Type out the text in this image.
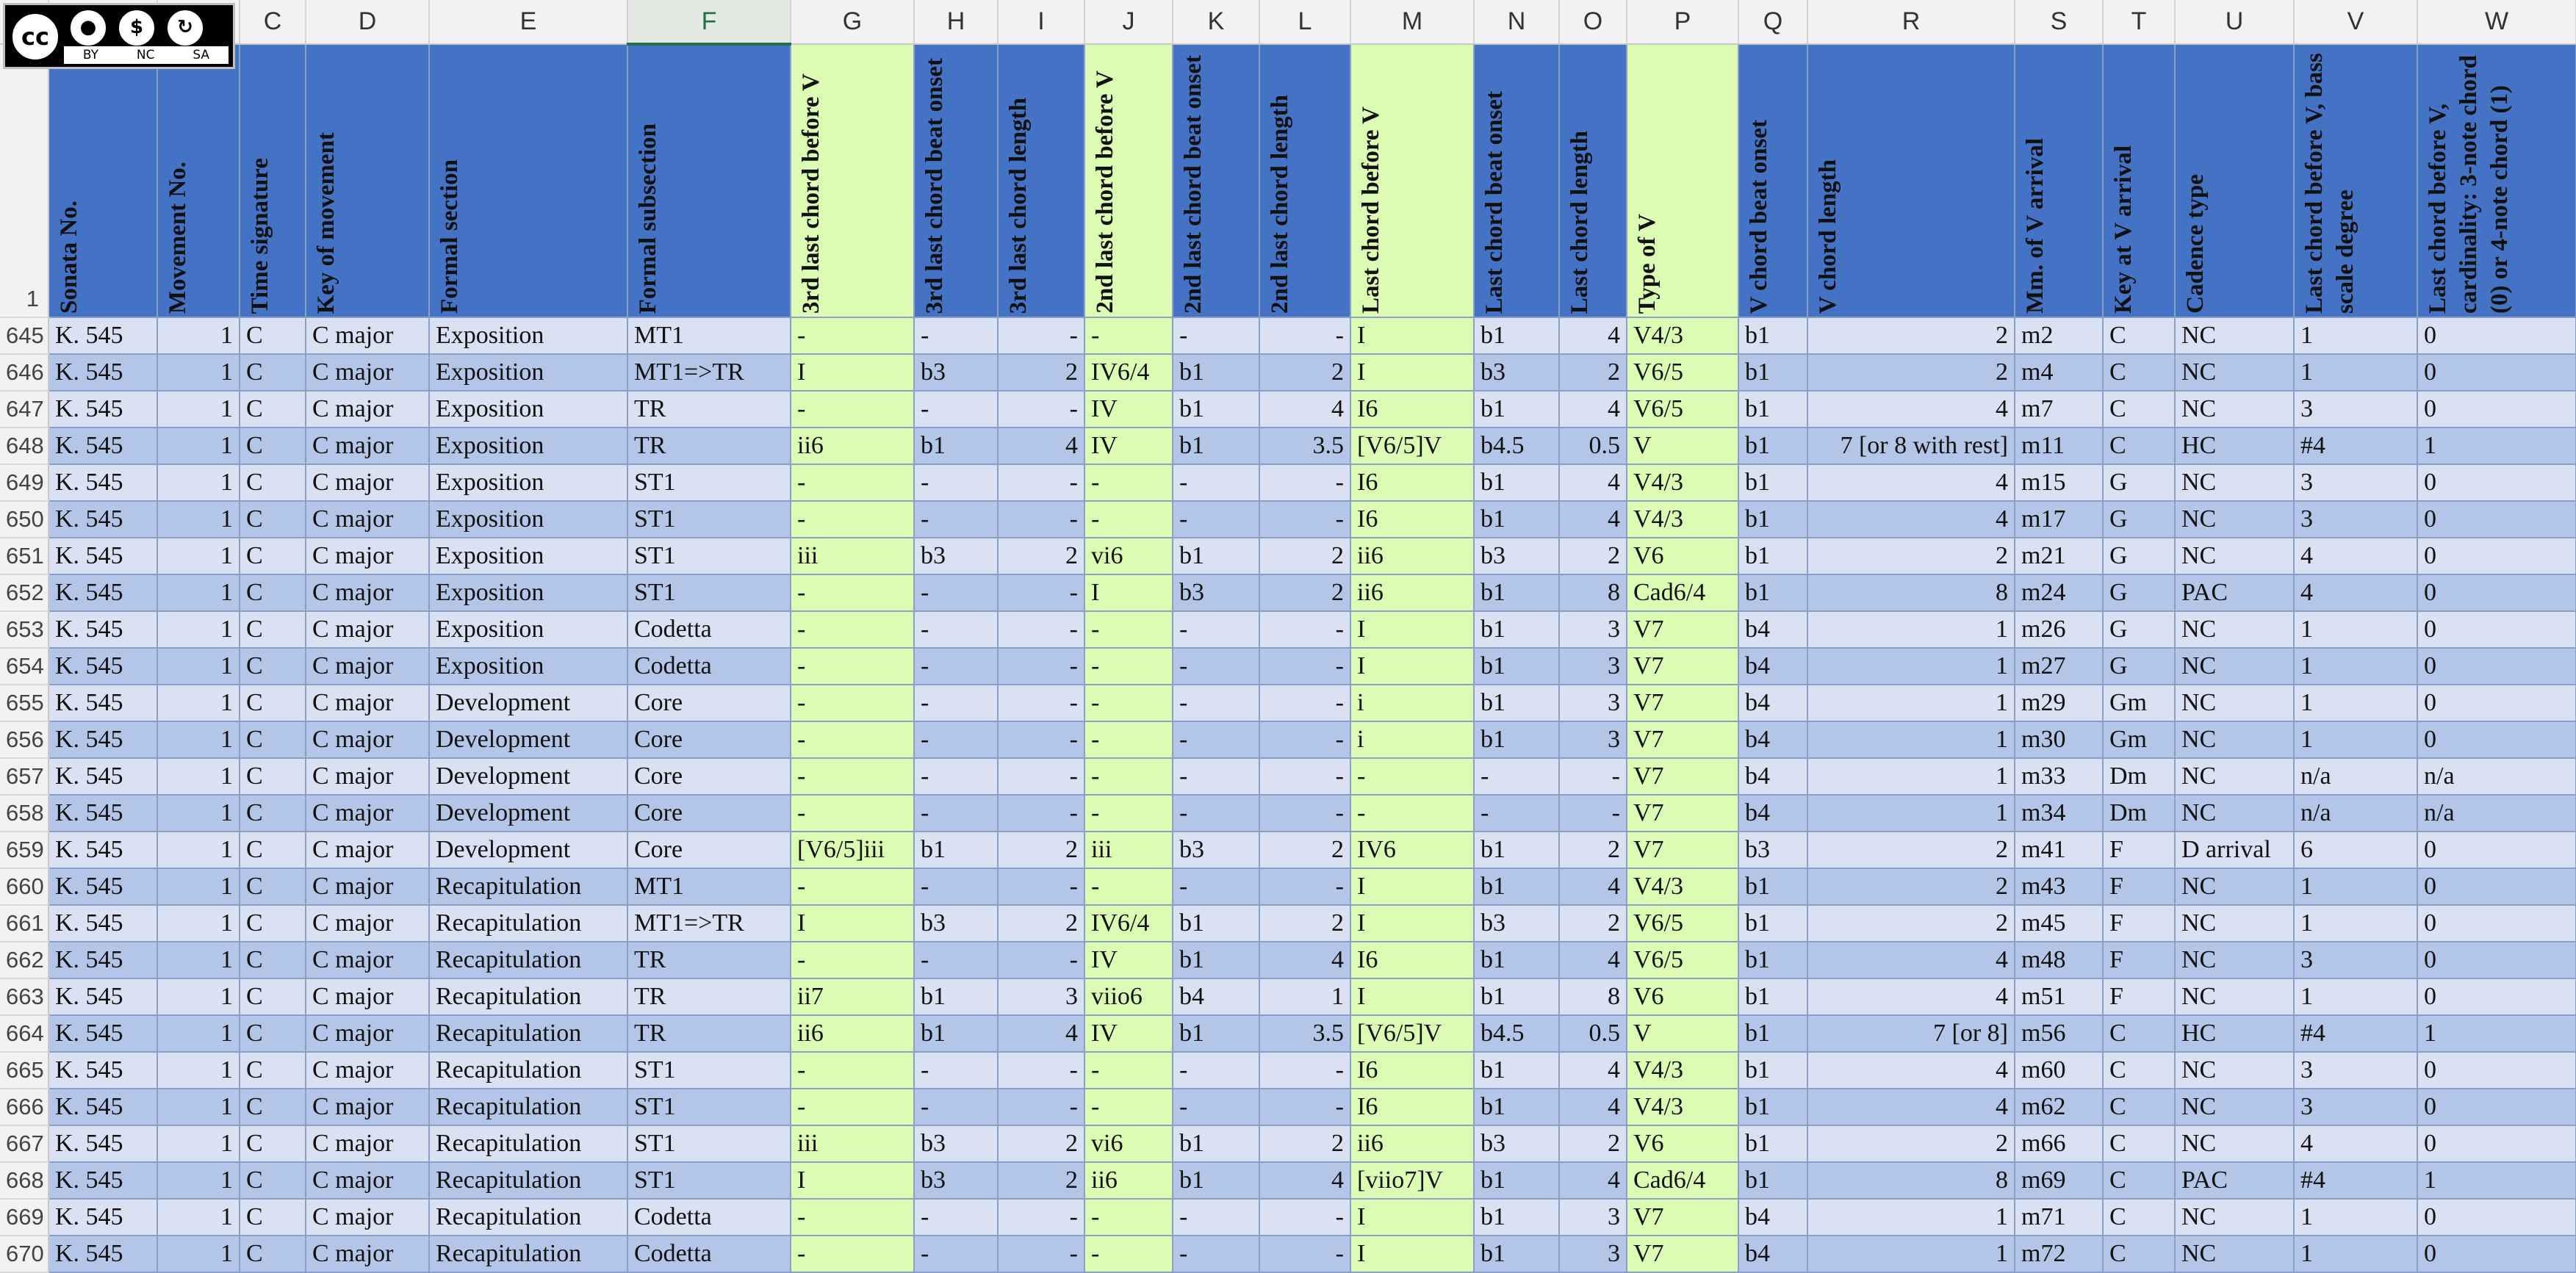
			C	D	E	F	G	H	I	J	K	L	M	N	O	P	Q	R	S	T	U	V	W
1	Sonata No.	Movement No.	Time signature	Key of movement	Formal section	Formal subsection	3rd last chord before V	3rd last chord beat onset	3rd last chord length	2nd last chord before V	2nd last chord beat onset	2nd last chord length	Last chord before V	Last chord beat onset	Last chord length	Type of V	V chord beat onset	V chord length	Mm. of V arrival	Key at V arrival	Cadence type	Last chord before V, bass scale degree	Last chord before V, cardinality: 3-note chord (0) or 4-note chord (1)

645	K. 545	1	C	C major	Exposition	MT1	-	-	-	-	-	-	I	b1	4	V4/3	b1	2	m2	C	NC	1	0
646	K. 545	1	C	C major	Exposition	MT1=>TR	I	b3	2	IV6/4	b1	2	I	b3	2	V6/5	b1	2	m4	C	NC	1	0
647	K. 545	1	C	C major	Exposition	TR	-	-	-	IV	b1	4	I6	b1	4	V6/5	b1	4	m7	C	NC	3	0
648	K. 545	1	C	C major	Exposition	TR	ii6	b1	4	IV	b1	3.5	[V6/5]V	b4.5	0.5	V	b1	7 [or 8 with rest]	m11	C	HC	#4	1
649	K. 545	1	C	C major	Exposition	ST1	-	-	-	-	-	-	I6	b1	4	V4/3	b1	4	m15	G	NC	3	0
650	K. 545	1	C	C major	Exposition	ST1	-	-	-	-	-	-	I6	b1	4	V4/3	b1	4	m17	G	NC	3	0
651	K. 545	1	C	C major	Exposition	ST1	iii	b3	2	vi6	b1	2	ii6	b3	2	V6	b1	2	m21	G	NC	4	0
652	K. 545	1	C	C major	Exposition	ST1	-	-	-	I	b3	2	ii6	b1	8	Cad6/4	b1	8	m24	G	PAC	4	0
653	K. 545	1	C	C major	Exposition	Codetta	-	-	-	-	-	-	I	b1	3	V7	b4	1	m26	G	NC	1	0
654	K. 545	1	C	C major	Exposition	Codetta	-	-	-	-	-	-	I	b1	3	V7	b4	1	m27	G	NC	1	0
655	K. 545	1	C	C major	Development	Core	-	-	-	-	-	-	i	b1	3	V7	b4	1	m29	Gm	NC	1	0
656	K. 545	1	C	C major	Development	Core	-	-	-	-	-	-	i	b1	3	V7	b4	1	m30	Gm	NC	1	0
657	K. 545	1	C	C major	Development	Core	-	-	-	-	-	-	-	-	-	V7	b4	1	m33	Dm	NC	n/a	n/a
658	K. 545	1	C	C major	Development	Core	-	-	-	-	-	-	-	-	-	V7	b4	1	m34	Dm	NC	n/a	n/a
659	K. 545	1	C	C major	Development	Core	[V6/5]iii	b1	2	iii	b3	2	IV6	b1	2	V7	b3	2	m41	F	D arrival	6	0
660	K. 545	1	C	C major	Recapitulation	MT1	-	-	-	-	-	-	I	b1	4	V4/3	b1	2	m43	F	NC	1	0
661	K. 545	1	C	C major	Recapitulation	MT1=>TR	I	b3	2	IV6/4	b1	2	I	b3	2	V6/5	b1	2	m45	F	NC	1	0
662	K. 545	1	C	C major	Recapitulation	TR	-	-	-	IV	b1	4	I6	b1	4	V6/5	b1	4	m48	F	NC	3	0
663	K. 545	1	C	C major	Recapitulation	TR	ii7	b1	3	viio6	b4	1	I	b1	8	V6	b1	4	m51	F	NC	1	0
664	K. 545	1	C	C major	Recapitulation	TR	ii6	b1	4	IV	b1	3.5	[V6/5]V	b4.5	0.5	V	b1	7 [or 8]	m56	C	HC	#4	1
665	K. 545	1	C	C major	Recapitulation	ST1	-	-	-	-	-	-	I6	b1	4	V4/3	b1	4	m60	C	NC	3	0
666	K. 545	1	C	C major	Recapitulation	ST1	-	-	-	-	-	-	I6	b1	4	V4/3	b1	4	m62	C	NC	3	0
667	K. 545	1	C	C major	Recapitulation	ST1	iii	b3	2	vi6	b1	2	ii6	b3	2	V6	b1	2	m66	C	NC	4	0
668	K. 545	1	C	C major	Recapitulation	ST1	I	b3	2	ii6	b1	4	[viio7]V	b1	4	Cad6/4	b1	8	m69	C	PAC	#4	1
669	K. 545	1	C	C major	Recapitulation	Codetta	-	-	-	-	-	-	I	b1	3	V7	b4	1	m71	C	NC	1	0
670	K. 545	1	C	C major	Recapitulation	Codetta	-	-	-	-	-	-	I	b1	3	V7	b4	1	m72	C	NC	1	0
cc	●	$	↻
BY	NC	SA
